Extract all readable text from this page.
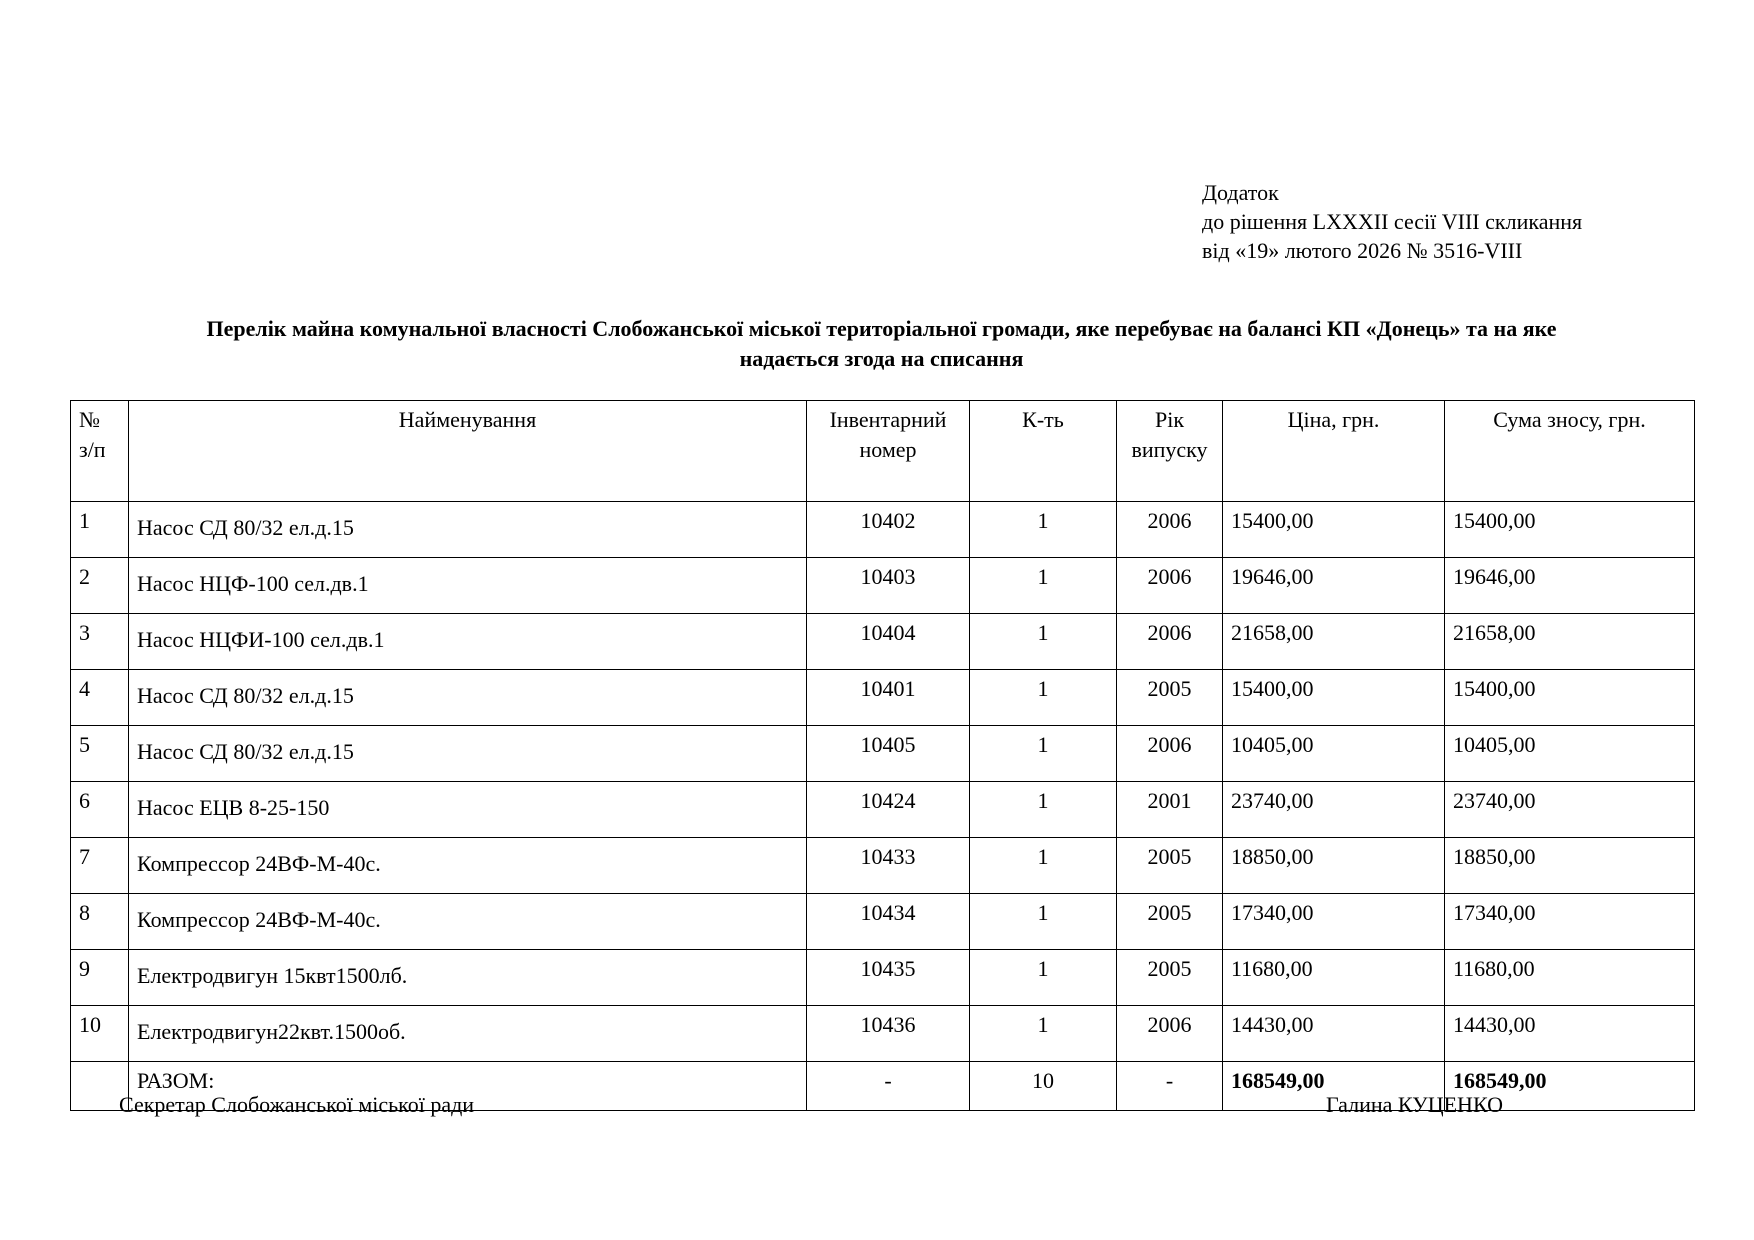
Додаток
до рішення LXXXII сесії VIII скликання
від «19» лютого 2026 № 3516-VIII
Перелік майна комунальної власності Слобожанської міської територіальної громади, яке перебуває на балансі КП «Донець» та на яке
надається згода на списання
№ з/п	Найменування	Інвентарний номер	К-ть	Рік випуску	Ціна, грн.	Сума зносу, грн.
1	Насос СД 80/32 ел.д.15	10402	1	2006	15400,00	15400,00
2	Насос НЦФ-100 сел.дв.1	10403	1	2006	19646,00	19646,00
3	Насос НЦФИ-100 сел.дв.1	10404	1	2006	21658,00	21658,00
4	Насос СД 80/32 ел.д.15	10401	1	2005	15400,00	15400,00
5	Насос СД 80/32 ел.д.15	10405	1	2006	10405,00	10405,00
6	Насос ЕЦВ 8-25-150	10424	1	2001	23740,00	23740,00
7	Компрессор 24ВФ-М-40с.	10433	1	2005	18850,00	18850,00
8	Компрессор 24ВФ-М-40с.	10434	1	2005	17340,00	17340,00
9	Електродвигун 15квт1500лб.	10435	1	2005	11680,00	11680,00
10	Електродвигун22квт.1500об.	10436	1	2006	14430,00	14430,00
	РАЗОМ:	-	10	-	168549,00	168549,00
Секретар Слобожанської міської ради	Галина КУЦЕНКО
